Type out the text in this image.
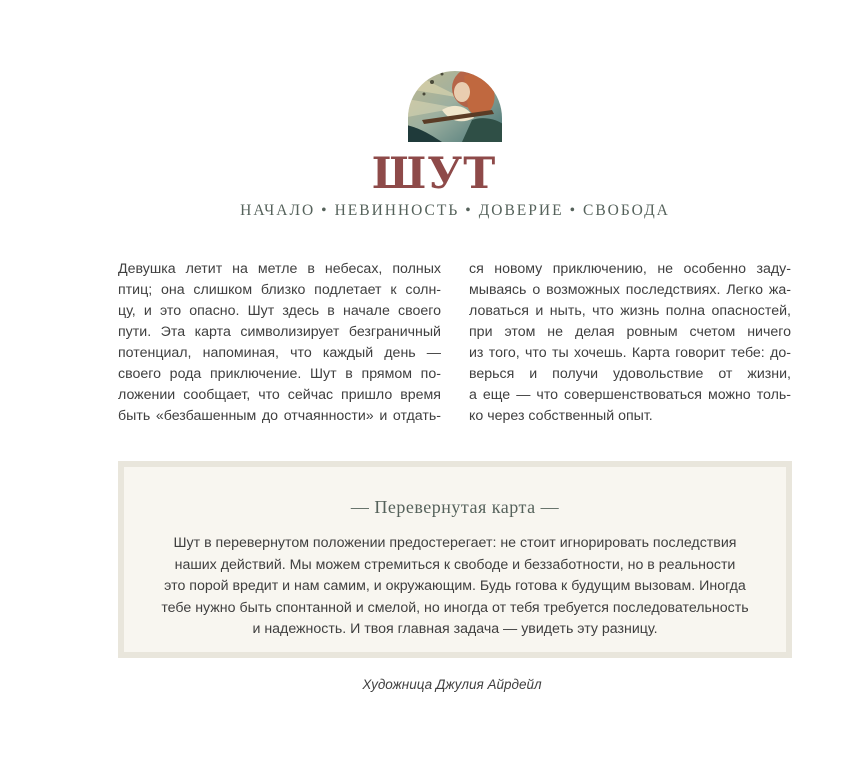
ШУТ
НАЧАЛО • НЕВИННОСТЬ • ДОВЕРИЕ • СВОБОДА
Девушка летит на метле в небесах, полных
птиц; она слишком близко подлетает к солн-
цу, и это опасно. Шут здесь в начале своего
пути. Эта карта символизирует безграничный
потенциал, напоминая, что каждый день —
своего рода приключение. Шут в прямом по-
ложении сообщает, что сейчас пришло время
быть «безбашенным до отчаянности» и отдать-
ся новому приключению, не особенно заду-
мываясь о возможных последствиях. Легко жа-
ловаться и ныть, что жизнь полна опасностей,
при этом не делая ровным счетом ничего
из того, что ты хочешь. Карта говорит тебе: до-
верься и получи удовольствие от жизни,
а еще — что совершенствоваться можно толь-
ко через собственный опыт.
— Перевернутая карта —
Шут в перевернутом положении предостерегает: не стоит игнорировать последствия
наших действий. Мы можем стремиться к свободе и беззаботности, но в реальности
это порой вредит и нам самим, и окружающим. Будь готова к будущим вызовам. Иногда
тебе нужно быть спонтанной и смелой, но иногда от тебя требуется последовательность
и надежность. И твоя главная задача — увидеть эту разницу.
Художница Джулия Айрдейл
